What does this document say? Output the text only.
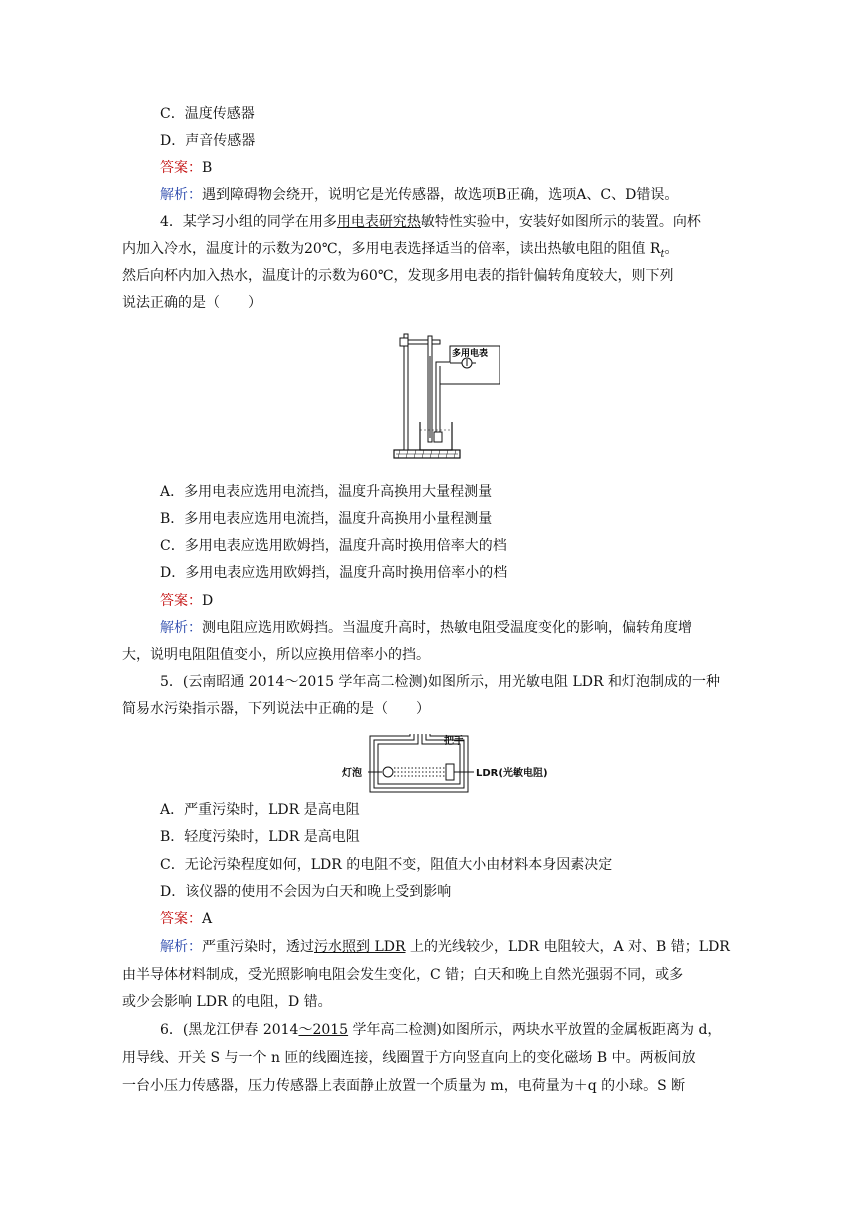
C．温度传感器
D．声音传感器
答案：B
解析：遇到障碍物会绕开，说明它是光传感器，故选项B正确，选项A、C、D错误。
4．某学习小组的同学在用多用电表研究热敏特性实验中，安装好如图所示的装置。向杯
内加入冷水，温度计的示数为20℃，多用电表选择适当的倍率，读出热敏电阻的阻值 $R_t$。
然后向杯内加入热水，温度计的示数为60℃，发现多用电表的指针偏转角度较大，则下列
说法正确的是（　　）
多用电表
A．多用电表应选用电流挡，温度升高换用大量程测量
B．多用电表应选用电流挡，温度升高换用小量程测量
C．多用电表应选用欧姆挡，温度升高时换用倍率大的档
D．多用电表应选用欧姆挡，温度升高时换用倍率小的档
答案：D
解析：测电阻应选用欧姆挡。当温度升高时，热敏电阻受温度变化的影响，偏转角度增
大，说明电阻阻值变小，所以应换用倍率小的挡。
5．(云南昭通 2014～2015 学年高二检测)如图所示，用光敏电阻 LDR 和灯泡制成的一种
简易水污染指示器，下列说法中正确的是（　　）
把手
灯泡	LDR(光敏电阻)
A．严重污染时，LDR 是高电阻
B．轻度污染时，LDR 是高电阻
C．无论污染程度如何，LDR 的电阻不变，阻值大小由材料本身因素决定
D．该仪器的使用不会因为白天和晚上受到影响
答案：A
解析：严重污染时，透过污水照到 LDR 上的光线较少，LDR 电阻较大，A 对、B 错；LDR
由半导体材料制成，受光照影响电阻会发生变化，C 错；白天和晚上自然光强弱不同，或多
或少会影响 LDR 的电阻，D 错。
6．(黑龙江伊春 2014～2015 学年高二检测)如图所示，两块水平放置的金属板距离为 d，
用导线、开关 S 与一个 n 匝的线圈连接，线圈置于方向竖直向上的变化磁场 B 中。两板间放
一台小压力传感器，压力传感器上表面静止放置一个质量为 m，电荷量为＋q 的小球。S 断
